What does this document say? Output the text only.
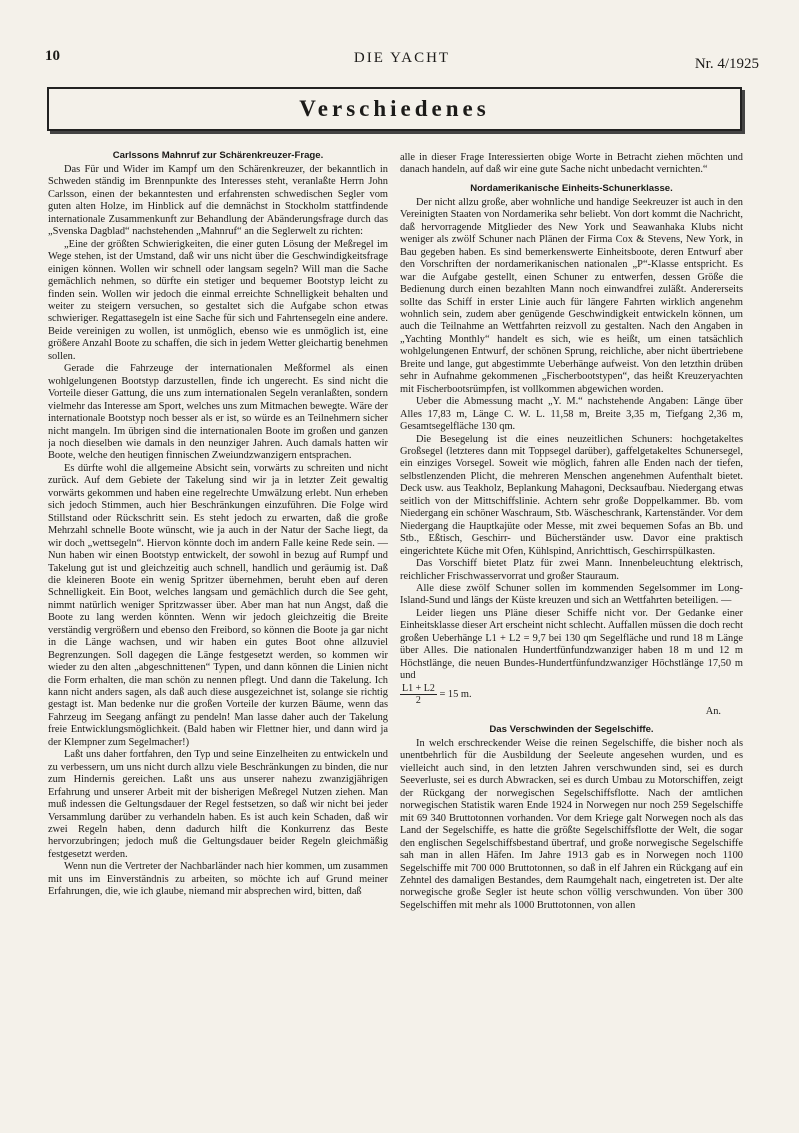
10	DIE YACHT	Nr. 4/1925
Verschiedenes
Carlssons Mahnruf zur Schärenkreuzer-Frage.

Das Für und Wider im Kampf um den Schärenkreuzer, der bekanntlich in Schweden ständig im Brennpunkte des Interesses steht, veranlaßte Herrn John Carlsson, einen der bekanntesten und erfahrensten schwedischen Segler vom guten alten Holze, im Hinblick auf die demnächst in Stockholm stattfindende internationale Zusammenkunft zur Behandlung der Abänderungsfrage durch das „Svenska Dagblad“ nachstehenden „Mahnruf“ an die Seglerwelt zu richten:

„Eine der größten Schwierigkeiten, die einer guten Lösung der Meßregel im Wege stehen, ist der Umstand, daß wir uns nicht über die Geschwindigkeitsfrage einigen können. Wollen wir schnell oder langsam segeln? Will man die Sache gemächlich nehmen, so dürfte ein stetiger und bequemer Bootstyp leicht zu finden sein. Wollen wir jedoch die einmal erreichte Schnelligkeit behalten und weiter zu steigern versuchen, so gestaltet sich die Aufgabe schon etwas schwieriger. Regattasegeln ist eine Sache für sich und Fahrtensegeln eine andere. Beide vereinigen zu wollen, ist unmöglich, ebenso wie es unmöglich ist, eine größere Anzahl Boote zu schaffen, die sich in jedem Wetter gleichartig benehmen sollen.

Gerade die Fahrzeuge der internationalen Meßformel als einen wohlgelungenen Bootstyp darzustellen, finde ich ungerecht. Es sind nicht die Vorteile dieser Gattung, die uns zum internationalen Segeln veranlaßten, sondern vielmehr das Interesse am Sport, welches uns zum Mitmachen bewegte. Wäre der internationale Bootstyp noch besser als er ist, so würde es an Teilnehmern sicher nicht mangeln. Im übrigen sind die internationalen Boote im großen und ganzen ja noch dieselben wie damals in den neunziger Jahren. Auch damals hatten wir Boote, welche den heutigen finnischen Zweiundzwanzigern entsprachen.

Es dürfte wohl die allgemeine Absicht sein, vorwärts zu schreiten und nicht zurück. Auf dem Gebiete der Takelung sind wir ja in letzter Zeit gewaltig vorwärts gekommen und haben eine regelrechte Umwälzung erlebt. Nun erheben sich jedoch Stimmen, auch hier Beschränkungen einzuführen. Die Folge wird Stillstand oder Rückschritt sein. Es steht jedoch zu erwarten, daß die große Mehrzahl schnelle Boote wünscht, wie ja auch in der Natur der Sache liegt, da wir doch „wettsegeln“. Hiervon könnte doch im andern Falle keine Rede sein. — Nun haben wir einen Bootstyp entwickelt, der sowohl in bezug auf Rumpf und Takelung gut ist und gleichzeitig auch schnell, handlich und geräumig ist. Daß die kleineren Boote ein wenig Spritzer übernehmen, beruht eben auf deren Schnelligkeit. Ein Boot, welches langsam und gemächlich durch die See geht, nimmt natürlich weniger Spritzwasser über. Aber man hat nun Angst, daß die Boote zu lang werden könnten. Wenn wir jedoch gleichzeitig die Breite verständig vergrößern und ebenso den Freibord, so können die Boote ja gar nicht in die Länge wachsen, und wir haben ein gutes Boot ohne allzuviel Begrenzungen. Soll dagegen die Länge festgesetzt werden, so kommen wir wieder zu den alten „abgeschnittenen“ Typen, und dann können die Linien nicht die Form erhalten, die man schön zu nennen pflegt. Und dann die Takelung. Ich kann nicht anders sagen, als daß auch diese ausgezeichnet ist, solange sie richtig gestagt ist. Man bedenke nur die großen Vorteile der kurzen Bäume, wenn das Fahrzeug im Seegang anfängt zu pendeln! Man lasse daher auch der Takelung freie Entwicklungsmöglichkeit. (Bald haben wir Flettner hier, und dann wird ja der Klempner zum Segelmacher!)

Laßt uns daher fortfahren, den Typ und seine Einzelheiten zu entwickeln und zu verbessern, um uns nicht durch allzu viele Beschränkungen zu binden, die nur zum Hindernis gereichen. Laßt uns aus unserer nahezu zwanzigjährigen Erfahrung und unserer Arbeit mit der bisherigen Meßregel Nutzen ziehen. Man muß indessen die Geltungsdauer der Regel festsetzen, so daß wir nicht bei jeder Versammlung darüber zu verhandeln haben. Es ist auch kein Schaden, daß wir zwei Regeln haben, denn dadurch hilft die Konkurrenz das Beste hervorzubringen; jedoch muß die Geltungsdauer beider Regeln gleichmäßig festgesetzt werden.

Wenn nun die Vertreter der Nachbarländer nach hier kommen, um zusammen mit uns im Einverständnis zu arbeiten, so möchte ich auf Grund meiner Erfahrungen, die, wie ich glaube, niemand mir absprechen wird, bitten, daß

alle in dieser Frage Interessierten obige Worte in Betracht ziehen möchten und danach handeln, auf daß wir eine gute Sache nicht unbedacht vernichten.“

Nordamerikanische Einheits-Schunerklasse.

Der nicht allzu große, aber wohnliche und handige Seekreuzer ist auch in den Vereinigten Staaten von Nordamerika sehr beliebt. Von dort kommt die Nachricht, daß hervorragende Mitglieder des New York und Seawanhaka Klubs nicht weniger als zwölf Schuner nach Plänen der Firma Cox & Stevens, New York, in Bau gegeben haben. Es sind bemerkenswerte Einheitsboote, deren Entwurf aber den Vorschriften der nordamerikanischen nationalen „P“-Klasse entspricht. Es war die Aufgabe gestellt, einen Schuner zu entwerfen, dessen Größe die Bedienung durch einen bezahlten Mann noch einwandfrei zuläßt. Andererseits sollte das Schiff in erster Linie auch für längere Fahrten wirklich angenehm wohnlich sein, zudem aber genügende Geschwindigkeit entwickeln können, um auch die Teilnahme an Wettfahrten reizvoll zu gestalten. Nach den Angaben in „Yachting Monthly“ handelt es sich, wie es heißt, um einen tatsächlich wohlgelungenen Entwurf, der schönen Sprung, reichliche, aber nicht übertriebene Breite und lange, gut abgestimmte Ueberhänge aufweist. Von den letzthin drüben sehr in Aufnahme gekommenen „Fischerbootstypen“, das heißt Kreuzeryachten mit Fischerbootsrümpfen, ist vollkommen abgewichen worden.

Ueber die Abmessung macht „Y. M.“ nachstehende Angaben: Länge über Alles 17,83 m, Länge C. W. L. 11,58 m, Breite 3,35 m, Tiefgang 2,36 m, Gesamtsegelfläche 130 qm.

Die Besegelung ist die eines neuzeitlichen Schuners: hochgetakeltes Großsegel (letzteres dann mit Toppsegel darüber), gaffelgetakeltes Schunersegel, ein einziges Vorsegel. Soweit wie möglich, fahren alle Enden nach der tiefen, selbstlenzenden Plicht, die mehreren Menschen angenehmen Aufenthalt bietet. Deck usw. aus Teakholz, Beplankung Mahagoni, Decksaufbau. Niedergang etwas seitlich von der Mittschiffslinie. Achtern sehr große Doppelkammer. Bb. vom Niedergang ein schöner Waschraum, Stb. Wäscheschrank, Kartenständer. Vor dem Niedergang die Hauptkajüte oder Messe, mit zwei bequemen Sofas an Bb. und Stb., Eßtisch, Geschirr- und Bücherständer usw. Davor eine praktisch eingerichtete Küche mit Ofen, Kühlspind, Anrichttisch, Geschirrspülkasten.

Das Vorschiff bietet Platz für zwei Mann. Innenbeleuchtung elektrisch, reichlicher Frischwasservorrat und großer Stauraum.

Alle diese zwölf Schuner sollen im kommenden Segelsommer im Long-Island-Sund und längs der Küste kreuzen und sich an Wettfahrten beteiligen. —

Leider liegen uns Pläne dieser Schiffe nicht vor. Der Gedanke einer Einheitsklasse dieser Art erscheint nicht schlecht. Auffallen müssen die doch recht großen Ueberhänge L1 + L2 = 9,7 bei 130 qm Segelfläche und rund 18 m Länge über Alles. Die nationalen Hundertfünfundzwanziger haben 18 m und 12 m Höchstlänge, die neuen Bundes-Hundertfünfundzwanziger Höchstlänge 17,50 m und

$\frac{L1 + L2}{2} = 15$ m.

An.

Das Verschwinden der Segelschiffe.

In welch erschreckender Weise die reinen Segelschiffe, die bisher noch als unentbehrlich für die Ausbildung der Seeleute angesehen wurden, und es vielleicht auch sind, in den letzten Jahren verschwunden sind, sei es durch Seeverluste, sei es durch Abwracken, sei es durch Umbau zu Motorschiffen, zeigt der Rückgang der norwegischen Segelschiffsflotte. Nach der amtlichen norwegischen Statistik waren Ende 1924 in Norwegen nur noch 259 Segelschiffe mit 69 340 Bruttotonnen vorhanden. Vor dem Kriege galt Norwegen noch als das Land der Segelschiffe, es hatte die größte Segelschiffsflotte der Welt, die sogar den englischen Segelschiffsbestand übertraf, und große norwegische Segelschiffe sah man in allen Häfen. Im Jahre 1913 gab es in Norwegen noch 1100 Segelschiffe mit 700 000 Bruttotonnen, so daß in elf Jahren ein Rückgang auf ein Zehntel des damaligen Bestandes, dem Raumgehalt nach, eingetreten ist. Der alte norwegische große Segler ist heute schon völlig verschwunden. Von über 300 Segelschiffen mit mehr als 1000 Bruttotonnen, von allen
